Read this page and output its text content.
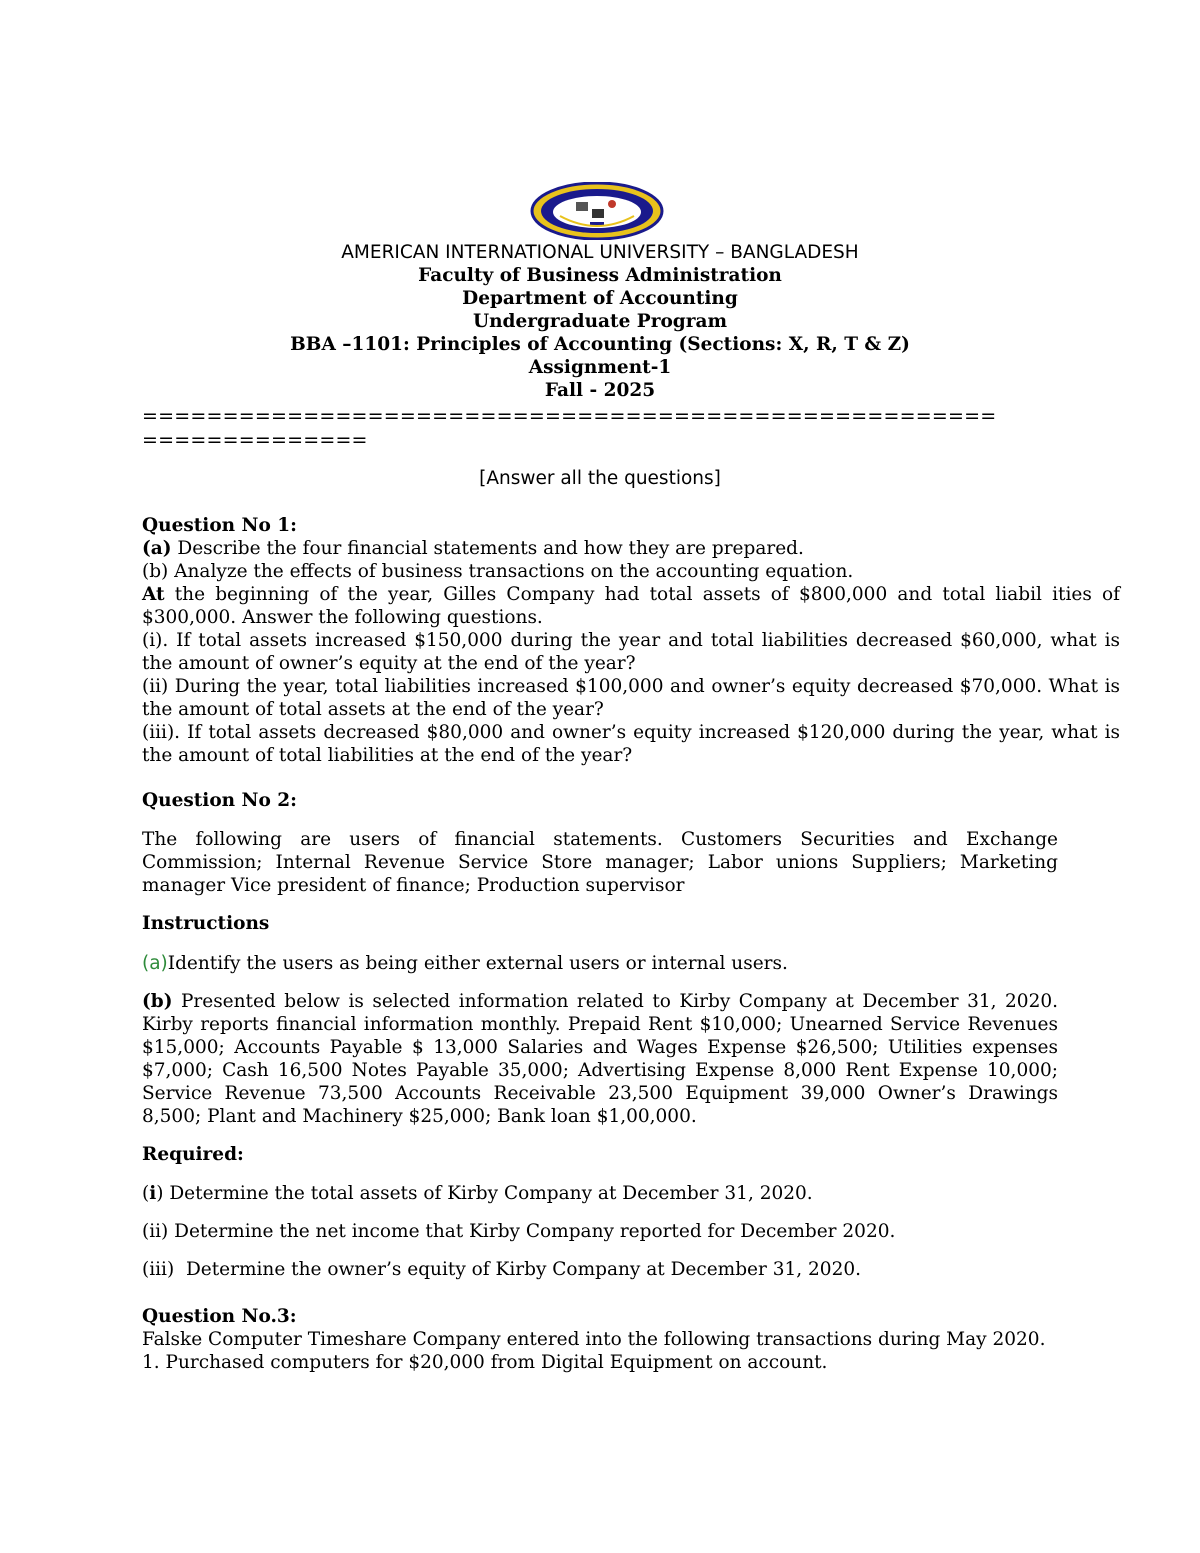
AMERICAN INTERNATIONAL UNIVERSITY – BANGLADESH
Faculty of Business Administration
Department of Accounting
Undergraduate Program
BBA –1101: Principles of Accounting (Sections: X, R, T & Z)
Assignment-1
Fall - 2025
=====================================================
==============
[Answer all the questions]

Question No 1:

(a) Describe the four financial statements and how they are prepared.

(b) Analyze the effects of business transactions on the accounting equation.

At the beginning of the year, Gilles Company had total assets of $800,000 and total liabil ities of $300,000. Answer the following questions.

(i). If total assets increased $150,000 during the year and total liabilities decreased $60,000, what is the amount of owner’s equity at the end of the year?

(ii) During the year, total liabilities increased $100,000 and owner’s equity decreased $70,000. What is the amount of total assets at the end of the year?

(iii). If total assets decreased $80,000 and owner’s equity increased $120,000 during the year, what is the amount of total liabilities at the end of the year?

Question No 2:

The following are users of financial statements. Customers Securities and Exchange Commission; Internal Revenue Service Store manager; Labor unions Suppliers; Marketing manager Vice president of finance; Production supervisor

Instructions

(a)Identify the users as being either external users or internal users.
(b) Presented below is selected information related to Kirby Company at December 31, 2020. Kirby reports financial information monthly. Prepaid Rent $10,000; Unearned Service Revenues $15,000; Accounts Payable $ 13,000 Salaries and Wages Expense $26,500; Utilities expenses $7,000; Cash 16,500 Notes Payable 35,000; Advertising Expense 8,000 Rent Expense 10,000; Service Revenue 73,500 Accounts Receivable 23,500 Equipment 39,000 Owner’s Drawings 8,500; Plant and Machinery $25,000; Bank loan $1,00,000.

Required:

(i) Determine the total assets of Kirby Company at December 31, 2020.
(ii) Determine the net income that Kirby Company reported for December 2020.
(iii)  Determine the owner’s equity of Kirby Company at December 31, 2020.

Question No.3:

Falske Computer Timeshare Company entered into the following transactions during May 2020.

1. Purchased computers for $20,000 from Digital Equipment on account.
